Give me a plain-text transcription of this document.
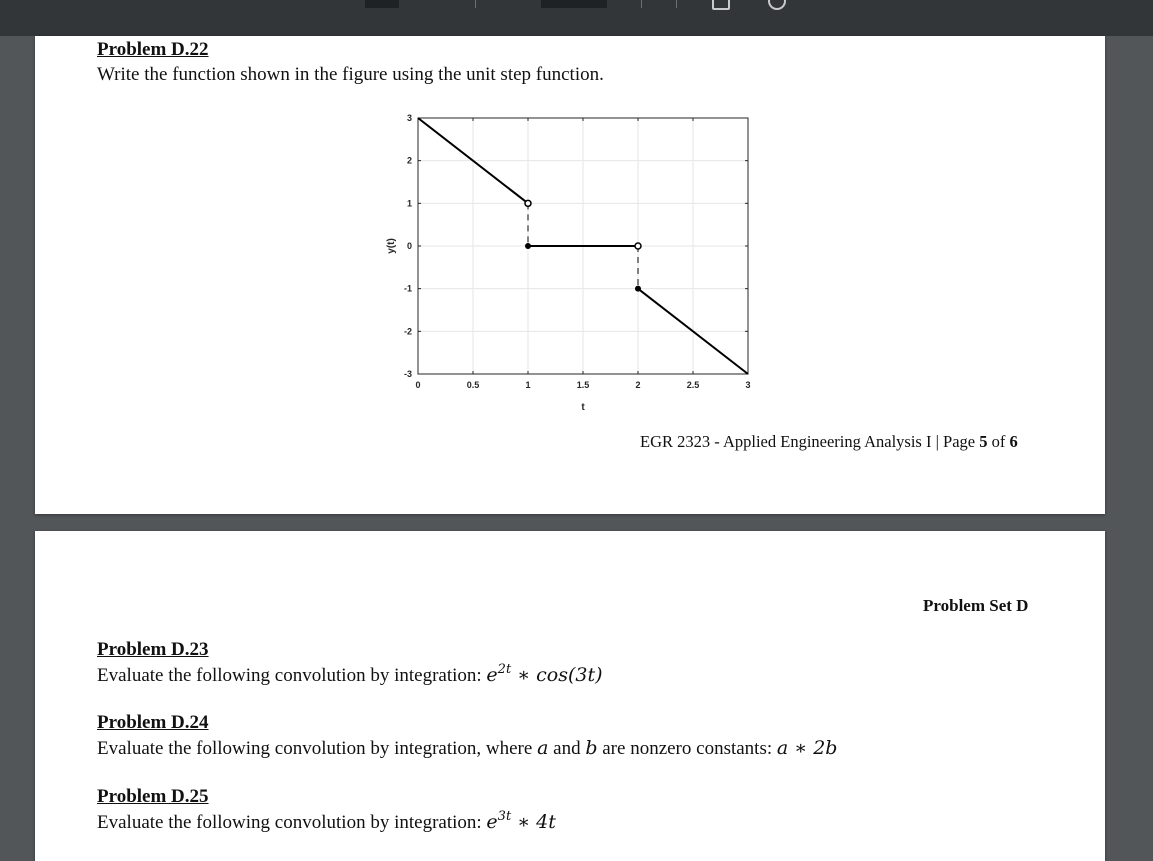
Problem D.22
Write the function shown in the figure using the unit step function.
0	0.5	1	1.5	2	2.5	3
3
2
1
0
-1
-2
-3
t
y(t)
EGR 2323 - Applied Engineering Analysis I | Page 5 of 6
Problem Set D
Problem D.23
Evaluate the following convolution by integration: $e^{2t}$ ∗ cos(3t)
Problem D.24
Evaluate the following convolution by integration, where a and b are nonzero constants: a ∗ 2b
Problem D.25
Evaluate the following convolution by integration: $e^{3t}$ ∗ 4t
